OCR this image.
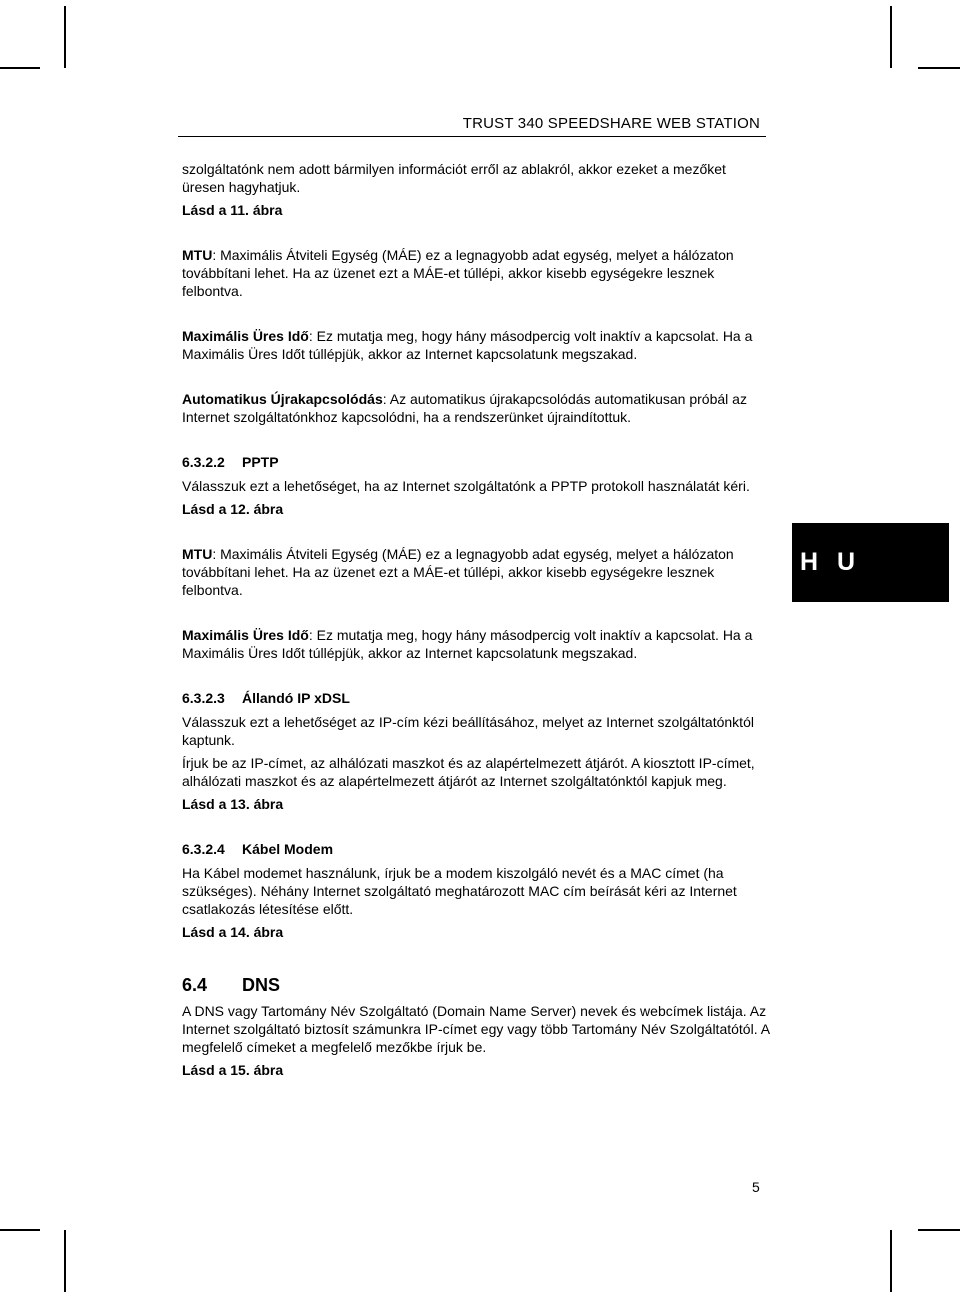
TRUST 340 SPEEDSHARE WEB STATION
H U

szolgáltatónk nem adott bármilyen információt erről az ablakról, akkor ezeket a mezőket üresen hagyhatjuk.

Lásd a 11. ábra

MTU: Maximális Átviteli Egység (MÁE) ez a legnagyobb adat egység, melyet a hálózaton továbbítani lehet. Ha az üzenet ezt a MÁE-et túllépi, akkor kisebb egységekre lesznek felbontva.

Maximális Üres Idő: Ez mutatja meg, hogy hány másodpercig volt inaktív a kapcsolat. Ha a Maximális Üres Időt túllépjük, akkor az Internet kapcsolatunk megszakad.

Automatikus Újrakapcsolódás: Az automatikus újrakapcsolódás automatikusan próbál az Internet szolgáltatónkhoz kapcsolódni, ha a rendszerünket újraindítottuk.

6.3.2.2 PPTP

Válasszuk ezt a lehetőséget, ha az Internet szolgáltatónk a PPTP protokoll használatát kéri.

Lásd a 12. ábra

MTU: Maximális Átviteli Egység (MÁE) ez a legnagyobb adat egység, melyet a hálózaton továbbítani lehet. Ha az üzenet ezt a MÁE-et túllépi, akkor kisebb egységekre lesznek felbontva.

Maximális Üres Idő: Ez mutatja meg, hogy hány másodpercig volt inaktív a kapcsolat. Ha a Maximális Üres Időt túllépjük, akkor az Internet kapcsolatunk megszakad.

6.3.2.3 Állandó IP xDSL

Válasszuk ezt a lehetőséget az IP-cím kézi beállításához, melyet az Internet szolgáltatónktól kaptunk.

Írjuk be az IP-címet, az alhálózati maszkot és az alapértelmezett átjárót. A kiosztott IP-címet, alhálózati maszkot és az alapértelmezett átjárót az Internet szolgáltatónktól kapjuk meg.

Lásd a 13. ábra

6.3.2.4 Kábel Modem

Ha Kábel modemet használunk, írjuk be a modem kiszolgáló nevét és a MAC címet (ha szükséges). Néhány Internet szolgáltató meghatározott MAC cím beírását kéri az Internet csatlakozás létesítése előtt.

Lásd a 14. ábra

6.4 DNS

A DNS vagy Tartomány Név Szolgáltató (Domain Name Server) nevek és webcímek listája. Az Internet szolgáltató biztosít számunkra IP-címet egy vagy több Tartomány Név Szolgáltatótól. A megfelelő címeket a megfelelő mezőkbe írjuk be.

Lásd a 15. ábra

5
